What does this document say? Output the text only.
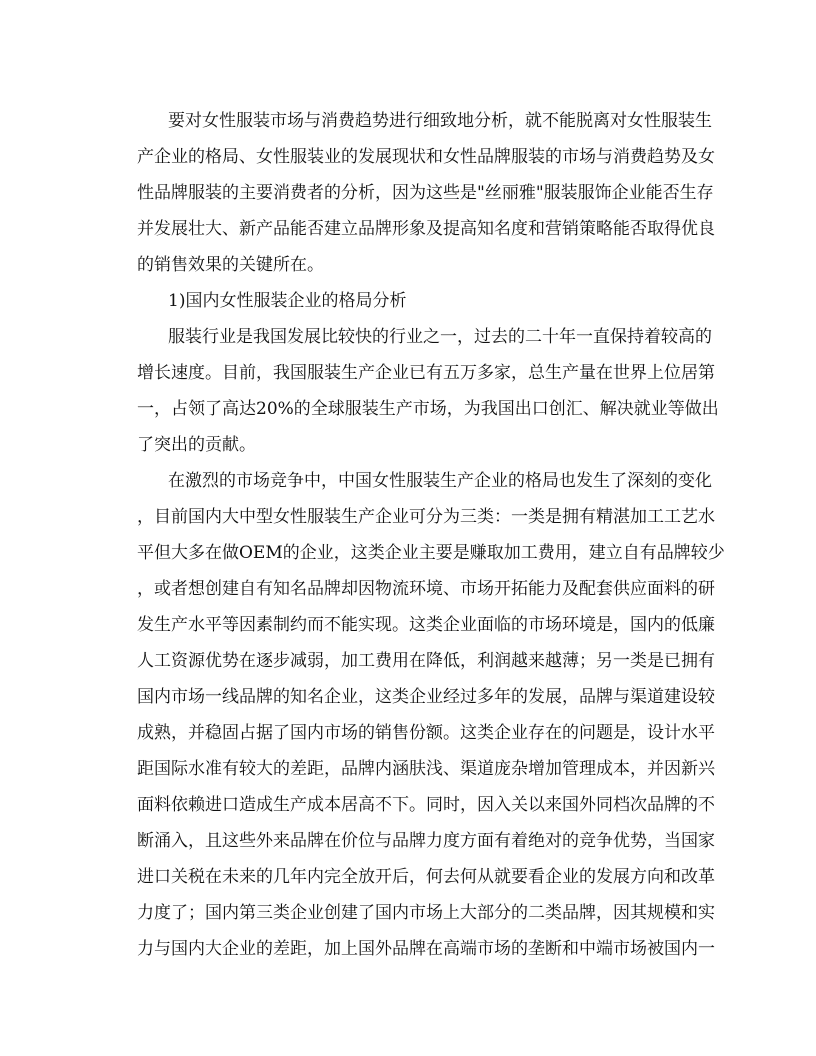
要对女性服装市场与消费趋势进行细致地分析，就不能脱离对女性服装生
产企业的格局、女性服装业的发展现状和女性品牌服装的市场与消费趋势及女
性品牌服装的主要消费者的分析，因为这些是"丝丽雅"服装服饰企业能否生存
并发展壮大、新产品能否建立品牌形象及提高知名度和营销策略能否取得优良
的销售效果的关键所在。
1)国内女性服装企业的格局分析
服装行业是我国发展比较快的行业之一，过去的二十年一直保持着较高的
增长速度。目前，我国服装生产企业已有五万多家，总生产量在世界上位居第
一，占领了高达20%的全球服装生产市场，为我国出口创汇、解决就业等做出
了突出的贡献。
在激烈的市场竞争中，中国女性服装生产企业的格局也发生了深刻的变化
，目前国内大中型女性服装生产企业可分为三类：一类是拥有精湛加工工艺水
平但大多在做OEM的企业，这类企业主要是赚取加工费用，建立自有品牌较少
，或者想创建自有知名品牌却因物流环境、市场开拓能力及配套供应面料的研
发生产水平等因素制约而不能实现。这类企业面临的市场环境是，国内的低廉
人工资源优势在逐步减弱，加工费用在降低，利润越来越薄；另一类是已拥有
国内市场一线品牌的知名企业，这类企业经过多年的发展，品牌与渠道建设较
成熟，并稳固占据了国内市场的销售份额。这类企业存在的问题是，设计水平
距国际水准有较大的差距，品牌内涵肤浅、渠道庞杂增加管理成本，并因新兴
面料依赖进口造成生产成本居高不下。同时，因入关以来国外同档次品牌的不
断涌入，且这些外来品牌在价位与品牌力度方面有着绝对的竞争优势，当国家
进口关税在未来的几年内完全放开后，何去何从就要看企业的发展方向和改革
力度了；国内第三类企业创建了国内市场上大部分的二类品牌，因其规模和实
力与国内大企业的差距，加上国外品牌在高端市场的垄断和中端市场被国内一
